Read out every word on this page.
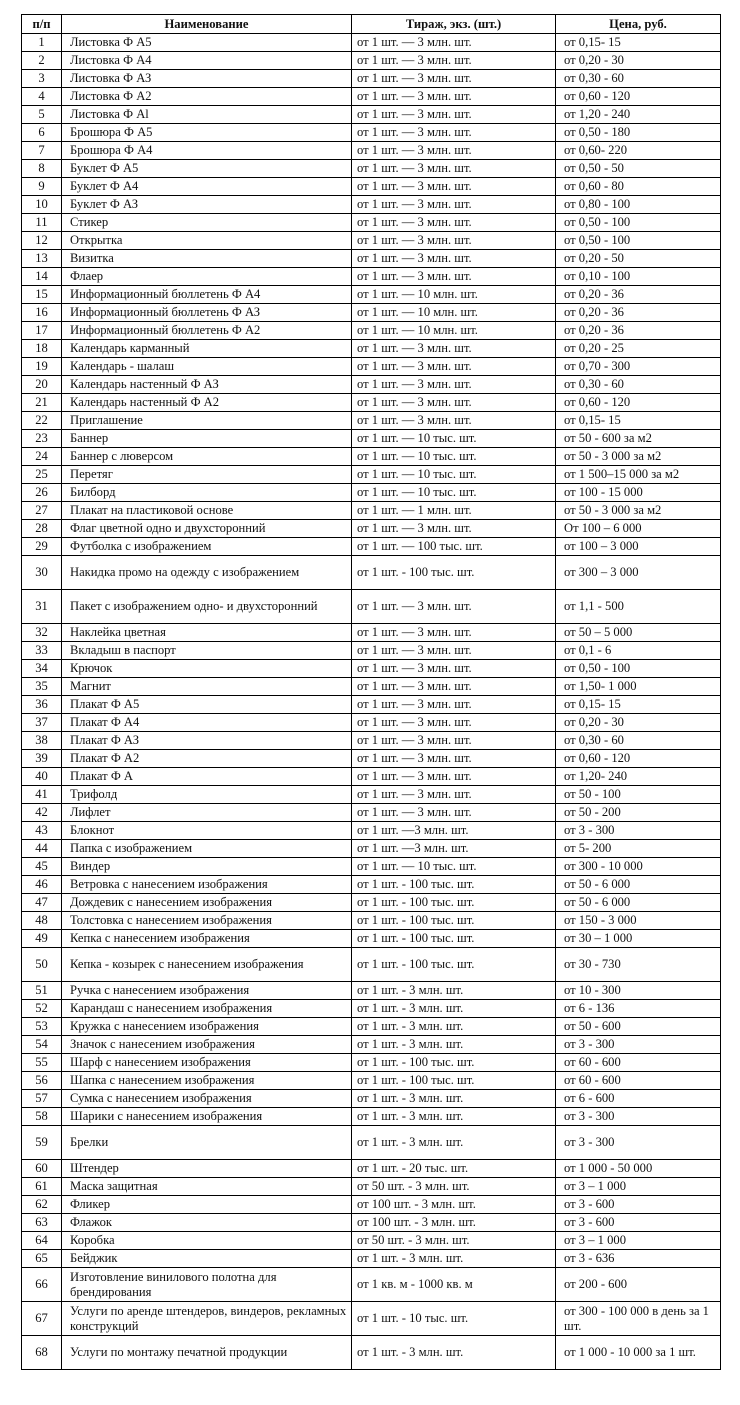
п/п	Наименование	Тираж, экз. (шт.)	Цена, руб.
1	Листовка Ф А5	от 1 шт. — 3 млн. шт.	от 0,15- 15
2	Листовка Ф А4	от 1 шт. — 3 млн. шт.	от 0,20 - 30
3	Листовка Ф АЗ	от 1 шт. — 3 млн. шт.	от 0,30 - 60
4	Листовка Ф А2	от 1 шт. — 3 млн. шт.	от 0,60 - 120
5	Листовка Ф Al	от 1 шт. — 3 млн. шт.	от 1,20 - 240
6	Брошюра Ф А5	от 1 шт. — 3 млн. шт.	от 0,50 - 180
7	Брошюра Ф А4	от 1 шт. — 3 млн. шт.	от 0,60- 220
8	Буклет Ф А5	от 1 шт. — 3 млн. шт.	от 0,50 - 50
9	Буклет Ф А4	от 1 шт. — 3 млн. шт.	от 0,60 - 80
10	Буклет Ф АЗ	от 1 шт. — 3 млн. шт.	от 0,80 - 100
11	Стикер	от 1 шт. — 3 млн. шт.	от 0,50 - 100
12	Открытка	от 1 шт. — 3 млн. шт.	от 0,50 - 100
13	Визитка	от 1 шт. — 3 млн. шт.	от 0,20 - 50
14	Флаер	от 1 шт. — 3 млн. шт.	от 0,10 - 100
15	Информационный бюллетень Ф А4	от 1 шт. — 10 млн. шт.	от 0,20 - 36
16	Информационный бюллетень Ф АЗ	от 1 шт. — 10 млн. шт.	от 0,20 - 36
17	Информационный бюллетень Ф А2	от 1 шт. — 10 млн. шт.	от 0,20 - 36
18	Календарь карманный	от 1 шт. — 3 млн. шт.	от 0,20 - 25
19	Календарь - шалаш	от 1 шт. — 3 млн. шт.	от 0,70 - 300
20	Календарь настенный Ф АЗ	от 1 шт. — 3 млн. шт.	от 0,30 - 60
21	Календарь настенный Ф А2	от 1 шт. — 3 млн. шт.	от 0,60 - 120
22	Приглашение	от 1 шт. — 3 млн. шт.	от 0,15- 15
23	Баннер	от 1 шт. — 10 тыс. шт.	от 50 - 600 за м2
24	Баннер с люверсом	от 1 шт. — 10 тыс. шт.	от 50 - 3 000 за м2
25	Перетяг	от 1 шт. — 10 тыс. шт.	от 1 500–15 000 за м2
26	Билборд	от 1 шт. — 10 тыс. шт.	от 100 - 15 000
27	Плакат на пластиковой основе	от 1 шт. — 1 млн. шт.	от 50 - 3 000 за м2
28	Флаг цветной одно и двухсторонний	от 1 шт. — 3 млн. шт.	От 100 – 6 000
29	Футболка с изображением	от 1 шт. — 100 тыс. шт.	от 100 – 3 000
30	Накидка промо на одежду с изображением	от 1 шт. - 100 тыс. шт.	от 300 – 3 000
31	Пакет с изображением одно- и двухсторонний	от 1 шт. — 3 млн. шт.	от 1,1 - 500
32	Наклейка цветная	от 1 шт. — 3 млн. шт.	от 50 – 5 000
33	Вкладыш в паспорт	от 1 шт. — 3 млн. шт.	от 0,1 - 6
34	Крючок	от 1 шт. — 3 млн. шт.	от 0,50 - 100
35	Магнит	от 1 шт. — 3 млн. шт.	от 1,50- 1 000
36	Плакат Ф А5	от 1 шт. — 3 млн. шт.	от 0,15- 15
37	Плакат Ф А4	от 1 шт. — 3 млн. шт.	от 0,20 - 30
38	Плакат Ф АЗ	от 1 шт. — 3 млн. шт.	от 0,30 - 60
39	Плакат Ф А2	от 1 шт. — 3 млн. шт.	от 0,60 - 120
40	Плакат Ф А	от 1 шт. — 3 млн. шт.	от 1,20- 240
41	Трифолд	от 1 шт. — 3 млн. шт.	от 50 - 100
42	Лифлет	от 1 шт. — 3 млн. шт.	от 50 - 200
43	Блокнот	от 1 шт. —3 млн. шт.	от 3 - 300
44	Папка с изображением	от 1 шт. —3 млн. шт.	от 5- 200
45	Виндер	от 1 шт. — 10 тыс. шт.	от 300 - 10 000
46	Ветровка с нанесением изображения	от 1 шт. - 100 тыс. шт.	от 50 - 6 000
47	Дождевик с нанесением изображения	от 1 шт. - 100 тыс. шт.	от 50 - 6 000
48	Толстовка с нанесением изображения	от 1 шт. - 100 тыс. шт.	от 150 - 3 000
49	Кепка с нанесением изображения	от 1 шт. - 100 тыс. шт.	от 30 – 1 000
50	Кепка - козырек с нанесением изображения	от 1 шт. - 100 тыс. шт.	от 30 - 730
51	Ручка с нанесением изображения	от 1 шт. - 3 млн. шт.	от 10 - 300
52	Карандаш с нанесением изображения	от 1 шт. - 3 млн. шт.	от 6 - 136
53	Кружка с нанесением изображения	от 1 шт. - 3 млн. шт.	от 50 - 600
54	Значок с нанесением изображения	от 1 шт. - 3 млн. шт.	от 3 - 300
55	Шарф с нанесением изображения	от 1 шт. - 100 тыс. шт.	от 60 - 600
56	Шапка с нанесением изображения	от 1 шт. - 100 тыс. шт.	от 60 - 600
57	Сумка с нанесением изображения	от 1 шт. - 3 млн. шт.	от 6 - 600
58	Шарики с нанесением изображения	от 1 шт. - 3 млн. шт.	от 3 - 300
59	Брелки	от 1 шт. - 3 млн. шт.	от 3 - 300
60	Штендер	от 1 шт. - 20 тыс. шт.	от 1 000 - 50 000
61	Маска защитная	от 50 шт. - 3 млн. шт.	от 3 – 1 000
62	Фликер	от 100 шт. - 3 млн. шт.	от 3 - 600
63	Флажок	от 100 шт. - 3 млн. шт.	от 3 - 600
64	Коробка	от 50 шт. - 3 млн. шт.	от 3 – 1 000
65	Бейджик	от 1 шт. - 3 млн. шт.	от 3 - 636
66	Изготовление винилового полотна для брендирования	от 1 кв. м - 1000 кв. м	от 200 - 600
67	Услуги по аренде штендеров, виндеров, рекламных конструкций	от 1 шт. - 10 тыс. шт.	от 300 - 100 000 в день за 1 шт.
68	Услуги по монтажу печатной продукции	от 1 шт. - 3 млн. шт.	от 1 000 - 10 000 за 1 шт.
